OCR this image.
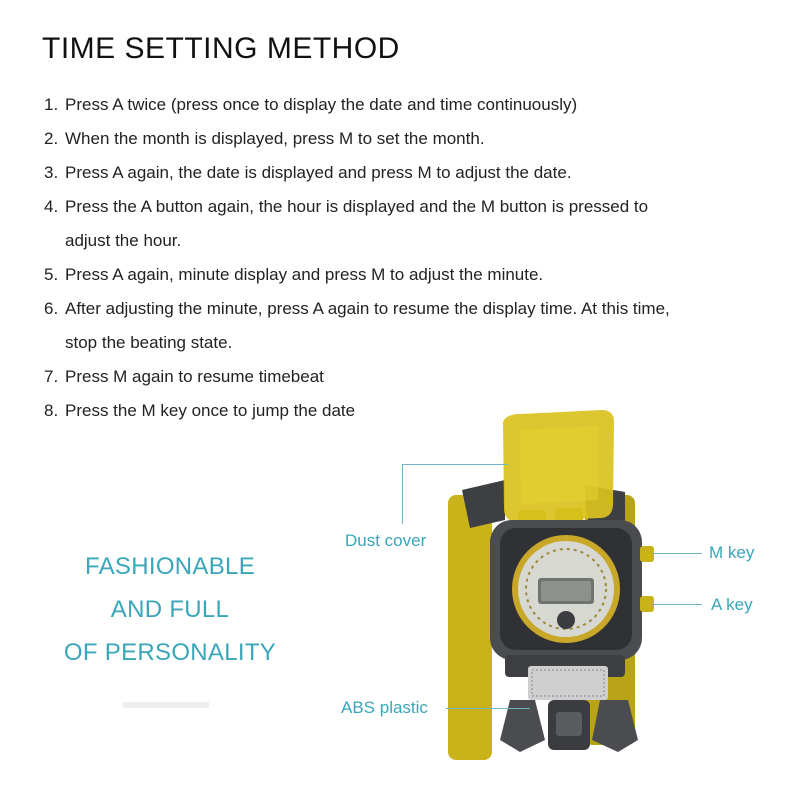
TIME SETTING METHOD
1. Press A twice (press once to display the date and time continuously)
2. When the month is displayed, press M to set the month.
3. Press A again, the date is displayed and press M to adjust the date.
4. Press the A button again, the hour is displayed and the M button is pressed to
adjust the hour.
5. Press A again, minute display and press M to adjust the minute.
6. After adjusting the minute, press A again to resume the display time. At this time,
stop the beating state.
7. Press M again to resume timebeat
8. Press the M key once to jump the date
FASHIONABLE
AND FULL
OF PERSONALITY
Dust cover
M key
A key
ABS plastic
